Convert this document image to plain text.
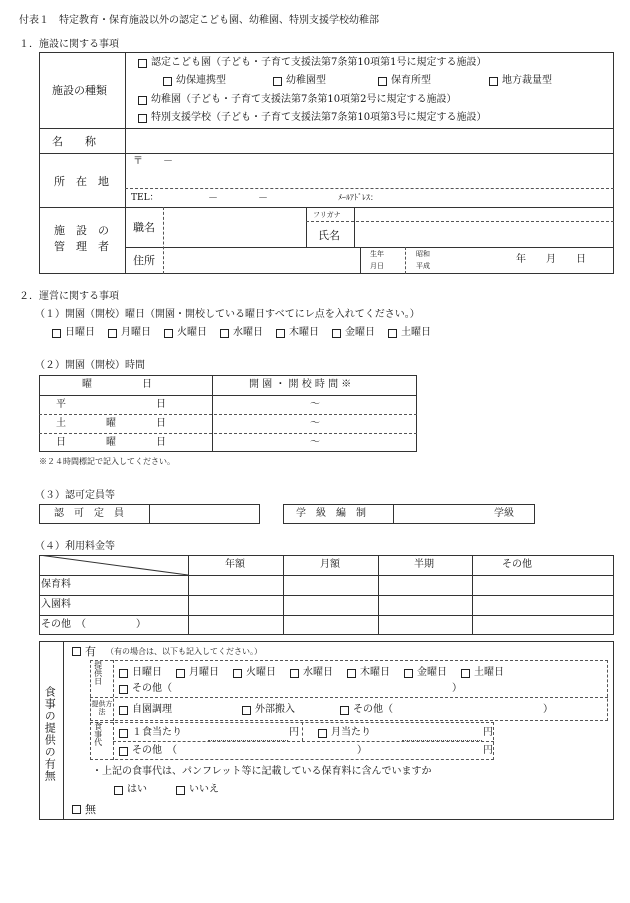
付表１　特定教育・保育施設以外の認定こども園、幼稚園、特別支援学校幼稚部
１．施設に関する事項
施設の種類
認定こども園（子ども・子育て支援法第7条第10項第1号に規定する施設）
幼保連携型	幼稚園型	保育所型	地方裁量型
幼稚園（子ども・子育て支援法第7条第10項第2号に規定する施設）
特別支援学校（子ども・子育て支援法第7条第10項第3号に規定する施設）
名　　称
所　在　地
〒　　－
TEL：	－　　　　－	ﾒｰﾙｱﾄﾞﾚｽ：
施　設　の
管　理　者
職名
フリガナ
氏名
住所	生年
月日
昭和
平成
年　　月　　日
２．運営に関する事項
（１）開園（開校）曜日（開園・開校している曜日すべてにレ点を入れてください。）
日曜日	月曜日	火曜日	水曜日	木曜日	金曜日	土曜日
（２）開園（開校）時間
曜　　　　　日	開 園 ・ 開 校 時 間 ※
平　　　　　　　　　日	～
土　　　　曜　　　　日	～
日　　　　曜　　　　日	～
※２４時間標記で記入してください。
（３）認可定員等
認　可　定　員	学　級　編　制	学級
（４）利用料金等
年額	月額	半期	その他
保育料
入園料
その他　（　　　　　）
食事の提供の有無
有 （有の場合は、以下も記入してください。）
提供日	日曜日	月曜日	火曜日	水曜日	木曜日	金曜日	土曜日
その他（　　　　　　　　　　　　　　　　　　　　　　　　　　　　）
提供方法	自園調理	外部搬入	その他（　　　　　　　　　　　　　　　）
食事代	１食当たり	円	月当たり	円
その他　（　　　　　　　　　　　　　　　　　　）	円
・上記の食事代は、パンフレット等に記載している保育料に含んでいますか
はい	いいえ
無
